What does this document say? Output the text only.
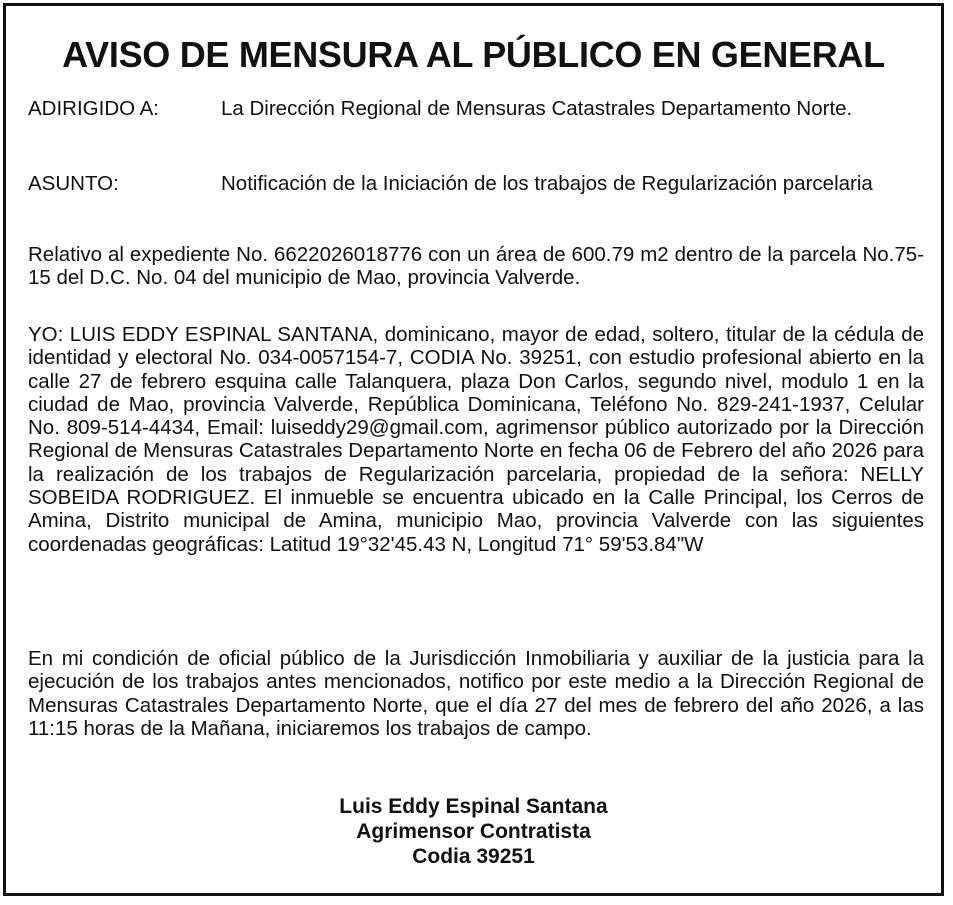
AVISO DE MENSURA AL PÚBLICO EN GENERAL
ADIRIGIDO A:	La Dirección Regional de Mensuras Catastrales Departamento Norte.
ASUNTO:	Notificación de la Iniciación de los trabajos de Regularización parcelaria
Relativo al expediente No. 6622026018776 con un área de 600.79 m2 dentro de la parcela No.75-15 del D.C. No. 04 del municipio de Mao, provincia Valverde.
YO: LUIS EDDY ESPINAL SANTANA, dominicano, mayor de edad, soltero, titular de la cédula de identidad y electoral No. 034-0057154-7, CODIA No. 39251, con estudio profesional abierto en la calle 27 de febrero esquina calle Talanquera, plaza Don Carlos, segundo nivel, modulo 1 en la ciudad de Mao, provincia Valverde, República Dominicana, Teléfono No. 829-241-1937, Celular No. 809-514-4434, Email: luiseddy29@gmail.com, agrimensor público autorizado por la Dirección Regional de Mensuras Catastrales Departamento Norte en fecha 06 de Febrero del año 2026 para la realización de los trabajos de Regularización parcelaria, propiedad de la señora: NELLY SOBEIDA RODRIGUEZ. El inmueble se encuentra ubicado en la Calle Principal, los Cerros de Amina, Distrito municipal de Amina, municipio Mao, provincia Valverde con las siguientes coordenadas geográficas: Latitud 19°32'45.43 N, Longitud 71° 59'53.84"W
En mi condición de oficial público de la Jurisdicción Inmobiliaria y auxiliar de la justicia para la ejecución de los trabajos antes mencionados, notifico por este medio a la Dirección Regional de Mensuras Catastrales Departamento Norte, que el día 27 del mes de febrero del año 2026, a las 11:15 horas de la Mañana, iniciaremos los trabajos de campo.
Luis Eddy Espinal Santana
Agrimensor Contratista
Codia 39251
